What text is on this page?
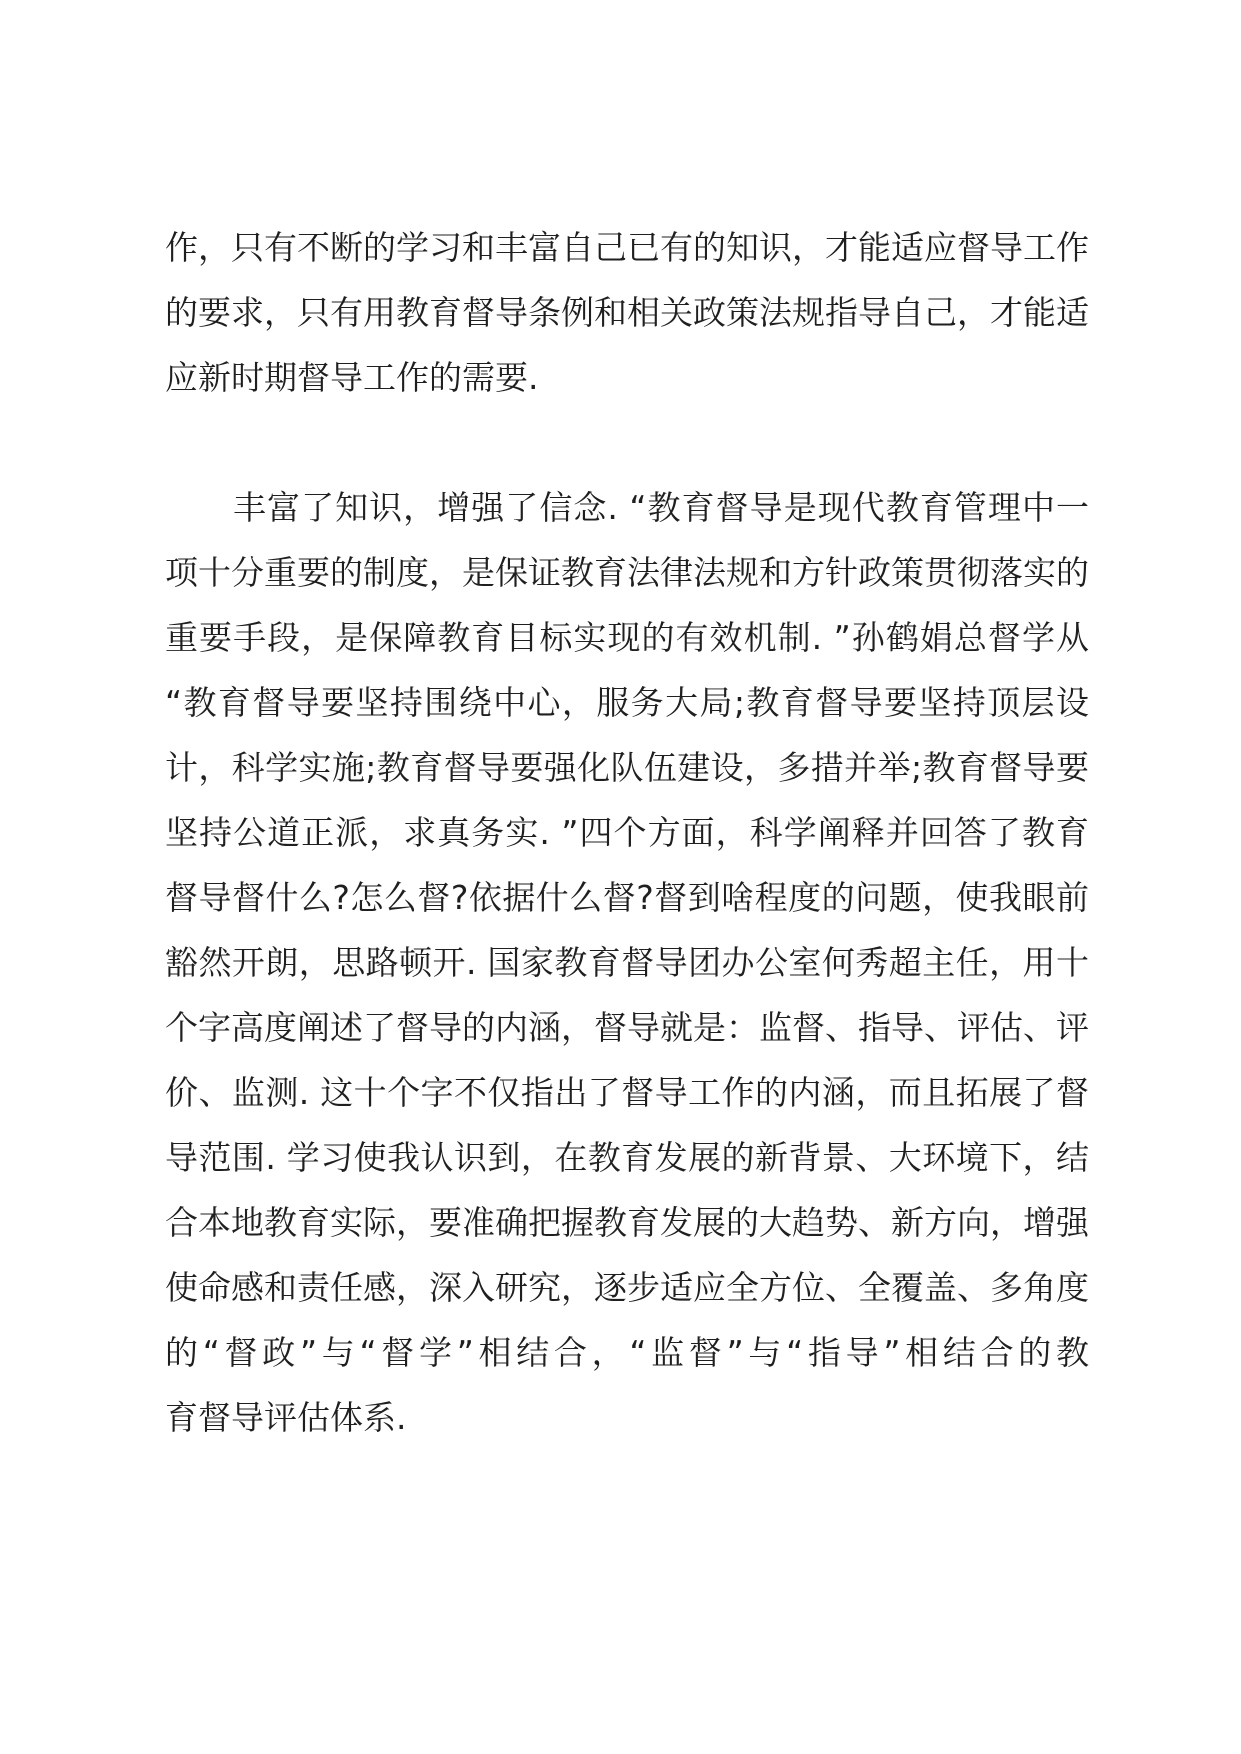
作，只有不断的学习和丰富自己已有的知识，才能适应督导工作
的要求，只有用教育督导条例和相关政策法规指导自己，才能适
应新时期督导工作的需要.
丰富了知识，增强了信念. “教育督导是现代教育管理中一
项十分重要的制度，是保证教育法律法规和方针政策贯彻落实的
重要手段，是保障教育目标实现的有效机制. ”孙鹤娟总督学从
“教育督导要坚持围绕中心，服务大局;教育督导要坚持顶层设
计，科学实施;教育督导要强化队伍建设，多措并举;教育督导要
坚持公道正派，求真务实. ”四个方面，科学阐释并回答了教育
督导督什么?怎么督?依据什么督?督到啥程度的问题，使我眼前
豁然开朗，思路顿开. 国家教育督导团办公室何秀超主任，用十
个字高度阐述了督导的内涵，督导就是：监督、指导、评估、评
价、监测. 这十个字不仅指出了督导工作的内涵，而且拓展了督
导范围. 学习使我认识到，在教育发展的新背景、大环境下，结
合本地教育实际，要准确把握教育发展的大趋势、新方向，增强
使命感和责任感，深入研究，逐步适应全方位、全覆盖、多角度
的“督政”与“督学”相结合，“监督”与“指导”相结合的教
育督导评估体系.
